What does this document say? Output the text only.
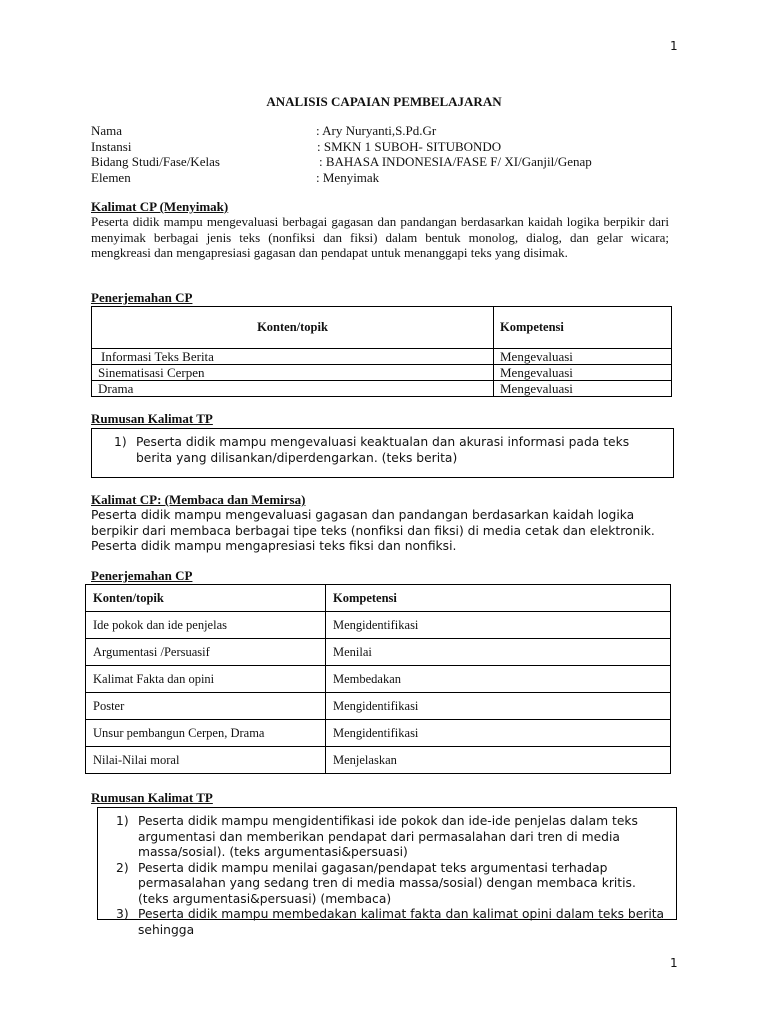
1
1
ANALISIS CAPAIAN PEMBELAJARAN
Nama	: Ary Nuryanti,S.Pd.Gr
Instansi	: SMKN 1 SUBOH- SITUBONDO
Bidang Studi/Fase/Kelas	: BAHASA INDONESIA/FASE F/ XI/Ganjil/Genap
Elemen	: Menyimak
Kalimat CP (Menyimak)
Peserta didik mampu mengevaluasi berbagai gagasan dan pandangan berdasarkan kaidah logika berpikir dari menyimak berbagai jenis teks (nonfiksi dan fiksi) dalam bentuk monolog, dialog, dan gelar wicara; mengkreasi dan mengapresiasi gagasan dan pendapat untuk menanggapi teks yang disimak.
Penerjemahan CP
Konten/topik	Kompetensi
Informasi Teks Berita	Mengevaluasi
Sinematisasi Cerpen	Mengevaluasi
Drama	Mengevaluasi
Rumusan Kalimat TP
1) Peserta didik mampu mengevaluasi keaktualan dan akurasi informasi pada teks berita yang dilisankan/diperdengarkan. (teks berita)
Kalimat CP: (Membaca dan Memirsa)
Peserta didik mampu mengevaluasi gagasan dan pandangan berdasarkan kaidah logika berpikir dari membaca berbagai tipe teks (nonfiksi dan fiksi) di media cetak dan elektronik. Peserta didik mampu mengapresiasi teks fiksi dan nonfiksi.
Penerjemahan CP
Konten/topik	Kompetensi
Ide pokok dan ide penjelas	Mengidentifikasi
Argumentasi /Persuasif	Menilai
Kalimat Fakta dan opini	Membedakan
Poster	Mengidentifikasi
Unsur pembangun Cerpen, Drama	Mengidentifikasi
Nilai-Nilai moral	Menjelaskan
Rumusan Kalimat TP
1) Peserta didik mampu mengidentifikasi ide pokok dan ide-ide penjelas dalam teks argumentasi dan memberikan pendapat dari permasalahan dari tren di media massa/sosial). (teks argumentasi&persuasi)
2) Peserta didik mampu menilai gagasan/pendapat teks argumentasi terhadap permasalahan yang sedang tren di media massa/sosial) dengan membaca kritis. (teks argumentasi&persuasi) (membaca)
3) Peserta didik mampu membedakan kalimat fakta dan kalimat opini dalam teks berita sehingga
